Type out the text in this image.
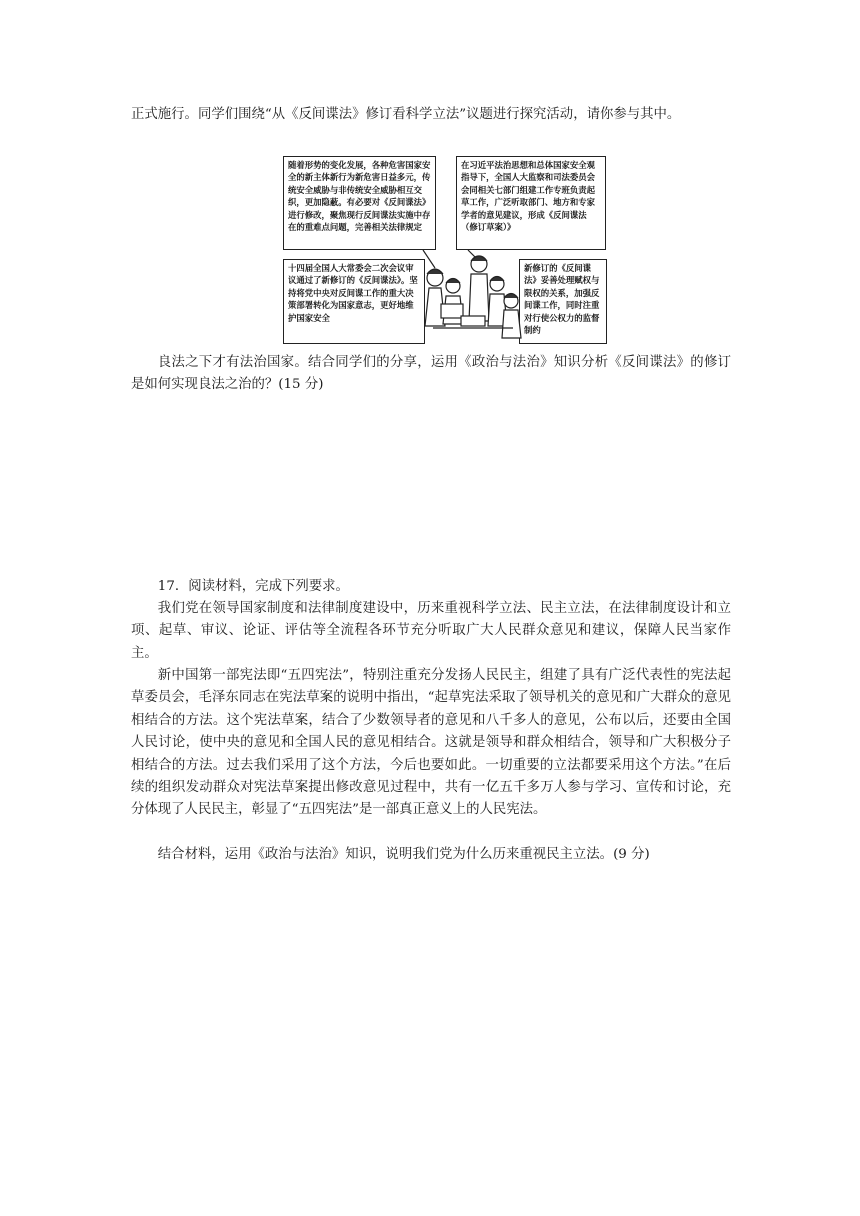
正式施行。同学们围绕“从《反间谍法》修订看科学立法”议题进行探究活动，请你参与其中。

随着形势的变化发展，各种危害国家安全的新主体新行为新危害日益多元，传统安全威胁与非传统安全威胁相互交织，更加隐蔽。有必要对《反间谍法》进行修改，聚焦现行反间谍法实施中存在的重难点问题，完善相关法律规定
在习近平法治思想和总体国家安全观指导下，全国人大监察和司法委员会会同相关七部门组建工作专班负责起草工作，广泛听取部门、地方和专家学者的意见建议，形成《反间谍法（修订草案）》
十四届全国人大常委会二次会议审议通过了新修订的《反间谍法》。坚持将党中央对反间谍工作的重大决策部署转化为国家意志，更好地维护国家安全
新修订的《反间谍法》妥善处理赋权与限权的关系，加强反间谍工作，同时注重对行使公权力的监督制约

良法之下才有法治国家。结合同学们的分享，运用《政治与法治》知识分析《反间谍法》的修订是如何实现良法之治的？(15 分)

17．阅读材料，完成下列要求。

我们党在领导国家制度和法律制度建设中，历来重视科学立法、民主立法，在法律制度设计和立项、起草、审议、论证、评估等全流程各环节充分听取广大人民群众意见和建议，保障人民当家作主。

新中国第一部宪法即“五四宪法”，特别注重充分发扬人民民主，组建了具有广泛代表性的宪法起草委员会，毛泽东同志在宪法草案的说明中指出，“起草宪法采取了领导机关的意见和广大群众的意见相结合的方法。这个宪法草案，结合了少数领导者的意见和八千多人的意见，公布以后，还要由全国人民讨论，使中央的意见和全国人民的意见相结合。这就是领导和群众相结合，领导和广大积极分子相结合的方法。过去我们采用了这个方法，今后也要如此。一切重要的立法都要采用这个方法。”在后续的组织发动群众对宪法草案提出修改意见过程中，共有一亿五千多万人参与学习、宣传和讨论，充分体现了人民民主，彰显了“五四宪法”是一部真正意义上的人民宪法。

结合材料，运用《政治与法治》知识，说明我们党为什么历来重视民主立法。(9 分)
